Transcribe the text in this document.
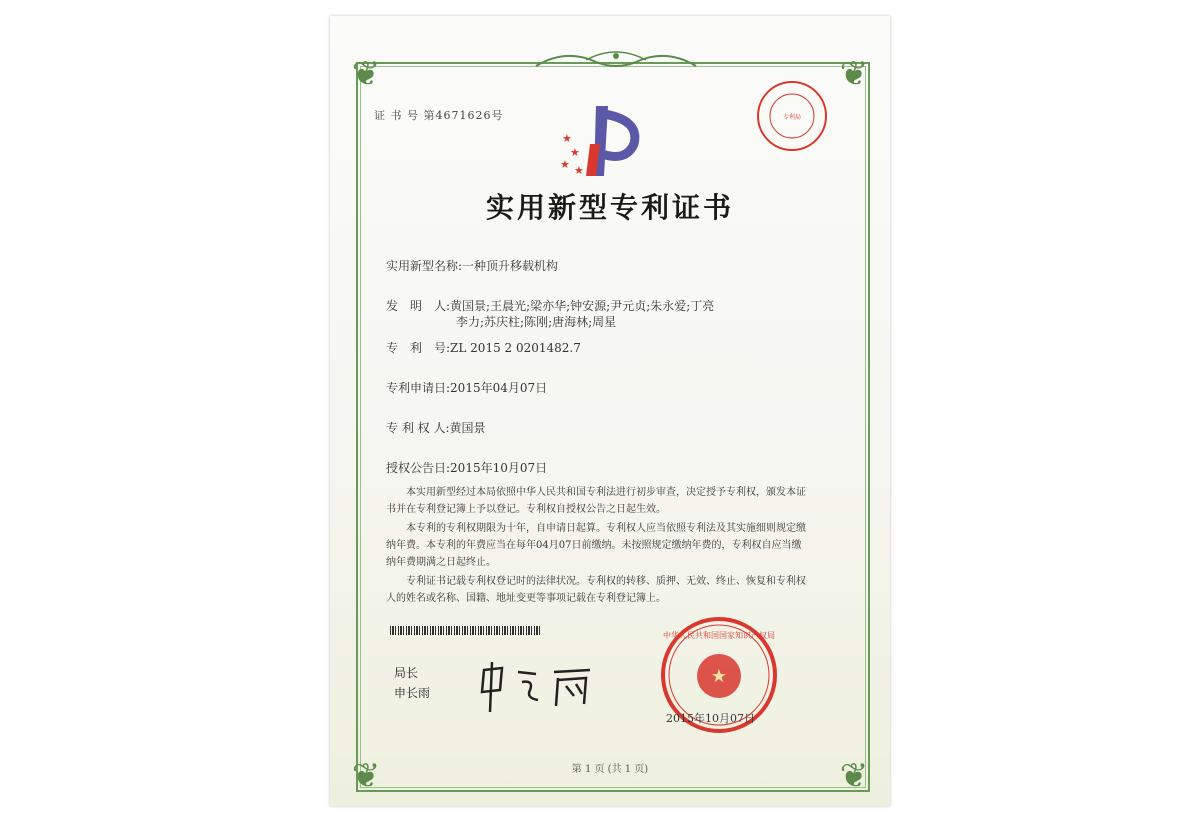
❦	❦
❦	❦
证 书 号 第4671626号
★
★
★ ★
专利局
实用新型专利证书
实用新型名称:一种顶升移载机构
发　明　人:黄国景;王晨光;梁亦华;钟安源;尹元贞;朱永爱;丁亮
李力;苏庆柱;陈刚;唐海林;周星
专　利　号:ZL 2015 2 0201482.7
专利申请日:2015年04月07日
专 利 权 人:黄国景
授权公告日:2015年10月07日
本实用新型经过本局依照中华人民共和国专利法进行初步审查，决定授予专利权，颁发本证书并在专利登记簿上予以登记。专利权自授权公告之日起生效。
本专利的专利权期限为十年，自申请日起算。专利权人应当依照专利法及其实施细则规定缴纳年费。本专利的年费应当在每年04月07日前缴纳。未按照规定缴纳年费的，专利权自应当缴纳年费期满之日起终止。
专利证书记载专利权登记时的法律状况。专利权的转移、质押、无效、终止、恢复和专利权人的姓名或名称、国籍、地址变更等事项记载在专利登记簿上。
局长
申长雨
★
中华人民共和国国家知识产权局
2015年10月07日
第 1 页 (共 1 页)
